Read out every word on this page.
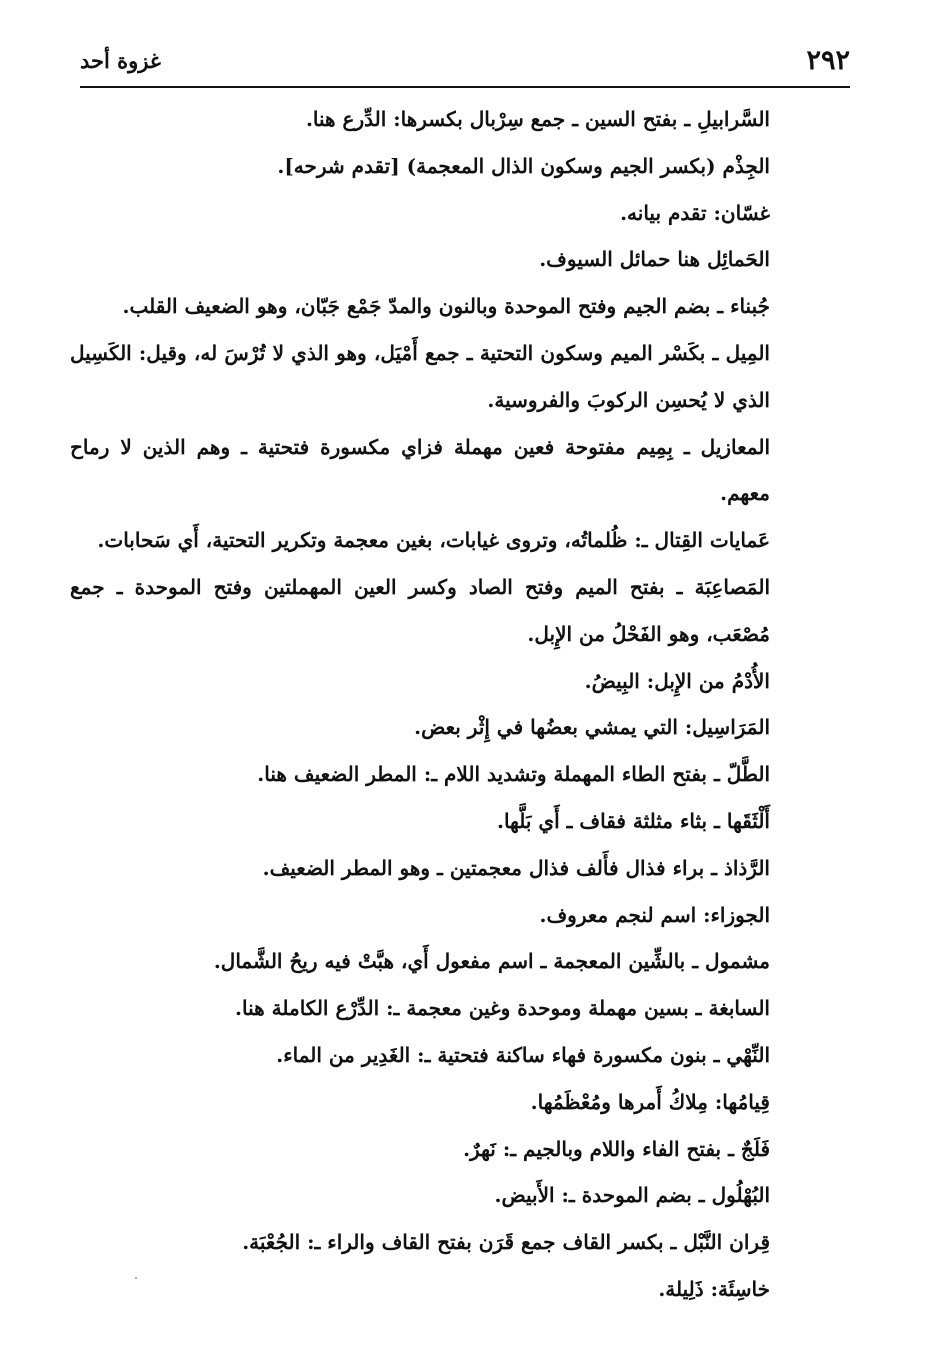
٢٩٢
غزوة أحد

السَّرابيلِ ـ بفتح السين ـ جمع سِرْبال بكسرها: الدِّرع هنا.

الجِذْم (بكسر الجيم وسكون الذال المعجمة) [تقدم شرحه].

غسّان: تقدم بيانه.

الحَمائِل هنا حمائل السيوف.

جُبناء ـ بضم الجيم وفتح الموحدة وبالنون والمدّ جَمْع جَبّان، وهو الضعيف القلب.

المِيل ـ بكَسْر الميم وسكون التحتية ـ جمع أَمْيَل، وهو الذي لا تُرْسَ له، وقيل: الكَسِيل الذي لا يُحسِن الركوبَ والفروسية.

المعازيل ـ بِمِيم مفتوحة فعين مهملة فزاي مكسورة فتحتية ـ وهم الذين لا رماح معهم.

عَمايات القِتال ـ: ظُلماتُه، وتروى غيابات، بغين معجمة وتكرير التحتية، أَي سَحابات.

المَصاعِبَة ـ بفتح الميم وفتح الصاد وكسر العين المهملتين وفتح الموحدة ـ جمع مُصْعَب، وهو الفَحْلُ من الإِبل.

الأُدْمُ من الإِبل: البِيضُ.

المَرَاسِيل: التي يمشي بعضُها في إِثْر بعض.

الطَّلّ ـ بفتح الطاء المهملة وتشديد اللام ـ: المطر الضعيف هنا.

أَلْثَقَها ـ بثاء مثلثة فقاف ـ أَي بَلَّها.

الرَّذاذ ـ براء فذال فأَلف فذال معجمتين ـ وهو المطر الضعيف.

الجوزاء: اسم لنجم معروف.

مشمول ـ بالشِّين المعجمة ـ اسم مفعول أَي، هبَّتْ فيه ريحُ الشَّمال.

السابغة ـ بسين مهملة وموحدة وغين معجمة ـ: الدِّرْع الكاملة هنا.

النِّهْي ـ بنون مكسورة فهاء ساكنة فتحتية ـ: الغَدِير من الماء.

قِيامُها: مِلاكُ أَمرها ومُعْظَمُها.

فَلَجٌ ـ بفتح الفاء واللام وبالجيم ـ: نَهرٌ.

البُهْلُول ـ بضم الموحدة ـ: الأَبيض.

قِران النَّبْل ـ بكسر القاف جمع قَرَن بفتح القاف والراء ـ: الجُعْبَة.

خاسِئَة: ذَلِيلة.
